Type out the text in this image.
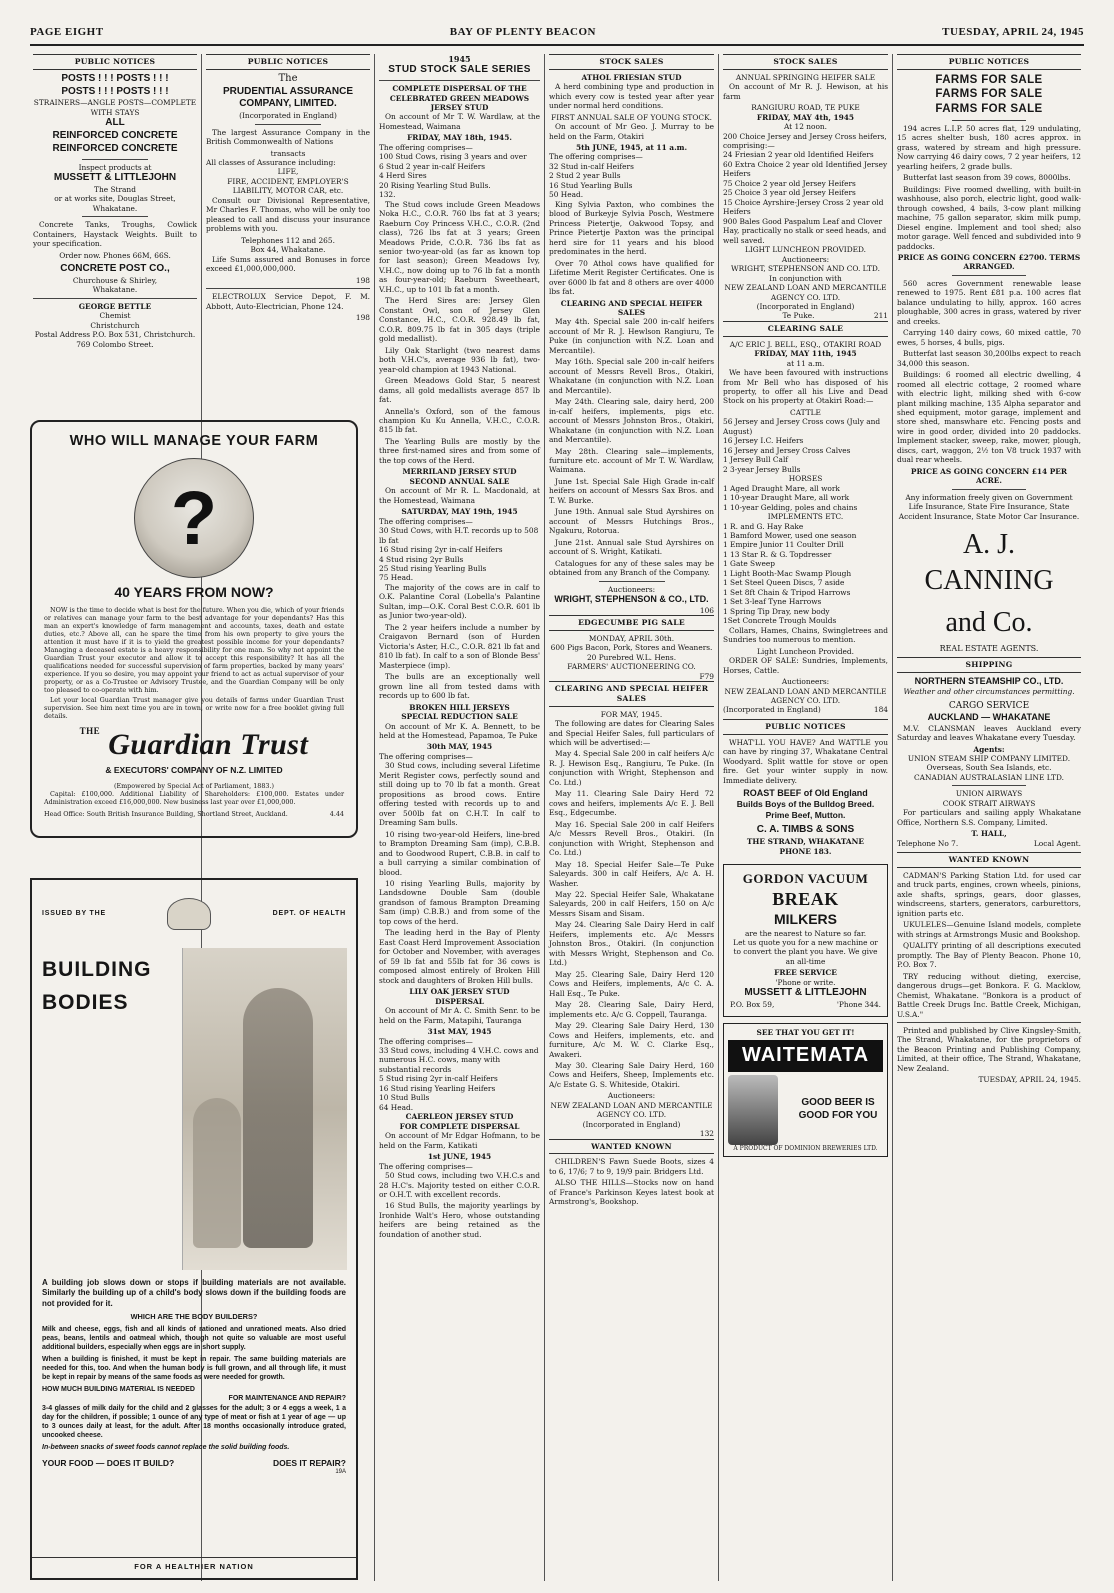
PAGE EIGHT	BAY OF PLENTY BEACON	TUESDAY, APRIL 24, 1945
PUBLIC NOTICES
POSTS ! ! ! POSTS ! ! !
POSTS ! ! ! POSTS ! ! !
STRAINERS—ANGLE POSTS—COMPLETE WITH STAYS
ALL
REINFORCED CONCRETE
REINFORCED CONCRETE
Inspect products at
MUSSETT & LITTLEJOHN
The Strand
or at works site, Douglas Street, Whakatane.

Concrete Tanks, Troughs, Cowlick Containers, Haystack Weights. Built to your specification.

Order now. Phones 66M, 66S.
CONCRETE POST CO.,
Churchouse & Shirley,
Whakatane.
GEORGE BETTLE
Chemist
Christchurch
Postal Address P.O. Box 531, Christchurch.
769 Colombo Street.
PUBLIC NOTICES
The
PRUDENTIAL ASSURANCE COMPANY, LIMITED.
(Incorporated in England)

The largest Assurance Company in the British Commonwealth of Nations

transacts
All classes of Assurance including:
LIFE,
FIRE, ACCIDENT, EMPLOYER'S LIABILITY, MOTOR CAR, etc.

Consult our Divisional Representative, Mr Charles F. Thomas, who will be only too pleased to call and discuss your insurance problems with you.

Telephones 112 and 265.
Box 44, Whakatane.

Life Sums assured and Bonuses in force exceed £1,000,000,000.

198

ELECTROLUX Service Depot, F. M. Abbott, Auto-Electrician, Phone 124.

198
WHO WILL MANAGE YOUR FARM
?
40 YEARS FROM NOW?

NOW is the time to decide what is best for the future. When you die, which of your friends or relatives can manage your farm to the best advantage for your dependants? Has this man an expert's knowledge of farm management and accounts, taxes, death and estate duties, etc.? Above all, can he spare the time from his own property to give yours the attention it must have if it is to yield the greatest possible income for your dependants? Managing a deceased estate is a heavy responsibility for one man. So why not appoint the Guardian Trust your executor and allow it to accept this responsibility? It has all the qualifications needed for successful supervision of farm properties, backed by many years' experience. If you so desire, you may appoint your friend to act as actual supervisor of your property, or as a Co-Trustee or Advisory Trustee, and the Guardian Company will be only too pleased to co-operate with him.

Let your local Guardian Trust manager give you details of farms under Guardian Trust supervision. See him next time you are in town, or write now for a free booklet giving full details.

$^{THE}$ Guardian Trust
& EXECUTORS' COMPANY OF N.Z. LIMITED
(Empowered by Special Act of Parliament, 1883.)

Capital: £100,000. Additional Liability of Shareholders: £100,000. Estates under Administration exceed £16,000,000. New business last year over £1,000,000.

Head Office: South British Insurance Building, Shortland Street, Auckland.	4.44
ISSUED BY THE	DEPT. OF HEALTH
BUILDING
BODIES

A building job slows down or stops if building materials are not available. Similarly the building up of a child's body slows down if the building foods are not provided for it.

WHICH ARE THE BODY BUILDERS?

Milk and cheese, eggs, fish and all kinds of rationed and unrationed meats. Also dried peas, beans, lentils and oatmeal which, though not quite so valuable are most useful additional builders, especially when eggs are in short supply.

When a building is finished, it must be kept in repair. The same building materials are needed for this, too. And when the human body is full grown, and all through life, it must be kept in repair by means of the same foods as were needed for growth.

HOW MUCH BUILDING MATERIAL IS NEEDED
FOR MAINTENANCE AND REPAIR?

3-4 glasses of milk daily for the child and 2 glasses for the adult; 3 or 4 eggs a week, 1 a day for the children, if possible; 1 ounce of any type of meat or fish at 1 year of age — up to 3 ounces daily at least, for the adult. After 18 months occasionally introduce grated, uncooked cheese.

In-between snacks of sweet foods cannot replace the solid building foods.

YOUR FOOD — DOES IT BUILD?	DOES IT REPAIR?
19A
FOR A HEALTHIER NATION
1945
STUD STOCK SALE SERIES
COMPLETE DISPERSAL OF THE CELEBRATED GREEN MEADOWS JERSEY STUD

On account of Mr T. W. Wardlaw, at the Homestead, Waimana

FRIDAY, MAY 18th, 1945.
The offering comprises—
100 Stud Cows, rising 3 years and over
6 Stud 2 year in-calf Heifers
4 Herd Sires
20 Rising Yearling Stud Bulls.
132.

The Stud cows include Green Meadows Noka H.C., C.O.R. 760 lbs fat at 3 years; Raeburn Coy Princess V.H.C., C.O.R. (2nd class), 726 lbs fat at 3 years; Green Meadows Pride, C.O.R. 736 lbs fat as senior two-year-old (as far as known top for last season); Green Meadows Ivy, V.H.C., now doing up to 76 lb fat a month as four-year-old; Raeburn Sweetheart, V.H.C., up to 101 lb fat a month.

The Herd Sires are: Jersey Glen Constant Owl, son of Jersey Glen Constance, H.C., C.O.R. 928.49 lb fat, C.O.R. 809.75 lb fat in 305 days (triple gold medallist).

Lily Oak Starlight (two nearest dams both V.H.C's, average 936 lb fat), two-year-old champion at 1943 National.

Green Meadows Gold Star, 5 nearest dams, all gold medallists average 857 lb fat.

Annella's Oxford, son of the famous champion Ku Ku Annella, V.H.C., C.O.R. 815 lb fat.

The Yearling Bulls are mostly by the three first-named sires and from some of the top cows of the Herd.

MERRILAND JERSEY STUD
SECOND ANNUAL SALE

On account of Mr R. L. Macdonald, at the Homestead, Waimana

SATURDAY, MAY 19th, 1945
The offering comprises—
30 Stud Cows, with H.T. records up to 508 lb fat
16 Stud rising 2yr in-calf Heifers
4 Stud rising 2yr Bulls
25 Stud rising Yearling Bulls
75 Head.

The majority of the cows are in calf to O.K. Palantine Coral (Lobella's Palantine Sultan, imp—O.K. Coral Best C.O.R. 601 lb as Junior two-year-old).

The 2 year heifers include a number by Craigavon Bernard (son of Hurden Victoria's Aster, H.C., C.O.R. 821 lb fat and 810 lb fat). In calf to a son of Blonde Bess' Masterpiece (imp).

The bulls are an exceptionally well grown line all from tested dams with records up to 600 lb fat.

BROKEN HILL JERSEYS
SPECIAL REDUCTION SALE

On account of Mr K. A. Bennett, to be held at the Homestead, Papamoa, Te Puke

30th MAY, 1945
The offering comprises—

30 Stud cows, including several Lifetime Merit Register cows, perfectly sound and still doing up to 70 lb fat a month. Great propositions as brood cows. Entire offering tested with records up to and over 500lb fat on C.H.T. In calf to Dreaming Sam bulls.

10 rising two-year-old Heifers, line-bred to Brampton Dreaming Sam (imp), C.B.B. and to Goodwood Rupert, C.B.B. in calf to a bull carrying a similar combination of blood.

10 rising Yearling Bulls, majority by Landsdowne Double Sam (double grandson of famous Brampton Dreaming Sam (imp) C.B.B.) and from some of the top cows of the herd.

The leading herd in the Bay of Plenty East Coast Herd Improvement Association for October and November, with averages of 59 lb fat and 55lb fat for 36 cows is composed almost entirely of Broken Hill stock and daughters of Broken Hill bulls.

LILY OAK JERSEY STUD
DISPERSAL

On account of Mr A. C. Smith Senr. to be held on the Farm, Matapihi, Tauranga

31st MAY, 1945
The offering comprises—
33 Stud cows, including 4 V.H.C. cows and numerous H.C. cows, many with substantial records
5 Stud rising 2yr in-calf Heifers
16 Stud rising Yearling Heifers
10 Stud Bulls
64 Head.
CAERLEON JERSEY STUD
FOR COMPLETE DISPERSAL

On account of Mr Edgar Hofmann, to be held on the Farm, Katikati

1st JUNE, 1945
The offering comprises—

50 Stud cows, including two V.H.C.s and 28 H.C's. Majority tested on either C.O.R. or O.H.T. with excellent records.

16 Stud Bulls, the majority yearlings by Ironhide Walt's Hero, whose outstanding heifers are being retained as the foundation of another stud.

STOCK SALES
ATHOL FRIESIAN STUD

A herd combining type and production in which every cow is tested year after year under normal herd conditions.

FIRST ANNUAL SALE OF YOUNG STOCK.

On account of Mr Geo. J. Murray to be held on the Farm, Otakiri

5th JUNE, 1945, at 11 a.m.
The offering comprises—
32 Stud in-calf Heifers
2 Stud 2 year Bulls
16 Stud Yearling Bulls
50 Head.

King Sylvia Paxton, who combines the blood of Burkeyje Sylvia Posch, Westmere Princess Pietertje, Oakwood Topsy, and Prince Pietertje Paxton was the principal herd sire for 11 years and his blood predominates in the herd.

Over 70 Athol cows have qualified for Lifetime Merit Register Certificates. One is over 6000 lb fat and 8 others are over 4000 lbs fat.

CLEARING AND SPECIAL HEIFER SALES

May 4th. Special sale 200 in-calf heifers account of Mr R. J. Hewlson Rangiuru, Te Puke (in conjunction with N.Z. Loan and Mercantile).

May 16th. Special sale 200 in-calf heifers account of Messrs Revell Bros., Otakiri, Whakatane (in conjunction with N.Z. Loan and Mercantile).

May 24th. Clearing sale, dairy herd, 200 in-calf heifers, implements, pigs etc. account of Messrs Johnston Bros., Otakiri, Whakatane (in conjunction with N.Z. Loan and Mercantile).

May 28th. Clearing sale—implements, furniture etc. account of Mr T. W. Wardlaw, Waimana.

June 1st. Special Sale High Grade in-calf heifers on account of Messrs Sax Bros. and T. W. Burke.

June 19th. Annual sale Stud Ayrshires on account of Messrs Hutchings Bros., Ngakuru, Rotorua.

June 21st. Annual sale Stud Ayrshires on account of S. Wright, Katikati.

Catalogues for any of these sales may be obtained from any Branch of the Company.

Auctioneers:
WRIGHT, STEPHENSON & CO., LTD.
106
EDGECUMBE PIG SALE
MONDAY, APRIL 30th.
600 Pigs Bacon, Pork, Stores and Weaners.
20 Purebred W.L. Hens.
FARMERS' AUCTIONEERING CO.
F79
CLEARING AND SPECIAL HEIFER SALES
FOR MAY, 1945.

The following are dates for Clearing Sales and Special Heifer Sales, full particulars of which will be advertised:—

May 4. Special Sale 200 in calf heifers A/c R. J. Hewison Esq., Rangiuru, Te Puke. (In conjunction with Wright, Stephenson and Co. Ltd.)

May 11. Clearing Sale Dairy Herd 72 cows and heifers, implements A/c E. J. Bell Esq., Edgecumbe.

May 16. Special Sale 200 in calf Heifers A/c Messrs Revell Bros., Otakiri. (In conjunction with Wright, Stephenson and Co. Ltd.)

May 18. Special Heifer Sale—Te Puke Saleyards. 300 in calf Heifers, A/c A. H. Washer.

May 22. Special Heifer Sale, Whakatane Saleyards, 200 in calf Heifers, 150 on A/c Messrs Sisam and Sisam.

May 24. Clearing Sale Dairy Herd in calf Heifers, implements etc. A/c Messrs Johnston Bros., Otakiri. (In conjunction with Messrs Wright, Stephenson and Co. Ltd.)

May 25. Clearing Sale, Dairy Herd 120 Cows and Heifers, implements, A/c C. A. Hall Esq., Te Puke.

May 28. Clearing Sale, Dairy Herd, implements etc. A/c G. Coppell, Tauranga.

May 29. Clearing Sale Dairy Herd, 130 Cows and Heifers, implements, etc. and furniture, A/c M. W. C. Clarke Esq., Awakeri.

May 30. Clearing Sale Dairy Herd, 160 Cows and Heifers, Sheep, Implements etc. A/c Estate G. S. Whiteside, Otakiri.

Auctioneers:
NEW ZEALAND LOAN AND MERCANTILE AGENCY CO. LTD.
(Incorporated in England)
132
WANTED KNOWN

CHILDREN'S Fawn Suede Boots, sizes 4 to 6, 17/6; 7 to 9, 19/9 pair. Bridgers Ltd.

ALSO THE HILLS—Stocks now on hand of France's Parkinson Keyes latest book at Armstrong's, Bookshop.

STOCK SALES
ANNUAL SPRINGING HEIFER SALE

On account of Mr R. J. Hewison, at his farm

RANGIURU ROAD, TE PUKE
FRIDAY, MAY 4th, 1945
At 12 noon.
200 Choice Jersey and Jersey Cross heifers, comprising:—
24 Friesian 2 year old Identified Heifers
60 Extra Choice 2 year old Identified Jersey Heifers
75 Choice 2 year old Jersey Heifers
25 Choice 3 year old Jersey Heifers
15 Choice Ayrshire-Jersey Cross 2 year old Heifers
900 Bales Good Paspalum Leaf and Clover Hay, practically no stalk or seed heads, and well saved.
LIGHT LUNCHEON PROVIDED.
Auctioneers:
WRIGHT, STEPHENSON AND CO. LTD.
In conjunction with
NEW ZEALAND LOAN AND MERCANTILE AGENCY CO. LTD.
(Incorporated in England)
Te Puke.	211
CLEARING SALE
A/C ERIC J. BELL, ESQ., OTAKIRI ROAD
FRIDAY, MAY 11th, 1945
at 11 a.m.

We have been favoured with instructions from Mr Bell who has disposed of his property, to offer all his Live and Dead Stock on his property at Otakiri Road:—

CATTLE
56 Jersey and Jersey Cross cows (July and August)
16 Jersey I.C. Heifers
16 Jersey and Jersey Cross Calves
1 Jersey Bull Calf
2 3-year Jersey Bulls
HORSES
1 Aged Draught Mare, all work
1 10-year Draught Mare, all work
1 10-year Gelding, poles and chains
IMPLEMENTS ETC.
1 R. and G. Hay Rake
1 Bamford Mower, used one season
1 Empire Junior 11 Coulter Drill
1 13 Star R. & G. Topdresser
1 Gate Sweep
1 Light Booth-Mac Swamp Plough
1 Set Steel Queen Discs, 7 aside
1 Set 8ft Chain & Tripod Harrows
1 Set 3-leaf Tyne Harrows
1 Spring Tip Dray, new body
1Set Concrete Trough Moulds

Collars, Hames, Chains, Swingletrees and Sundries too numerous to mention.

Light Luncheon Provided.

ORDER OF SALE: Sundries, Implements, Horses, Cattle.

Auctioneers:
NEW ZEALAND LOAN AND MERCANTILE AGENCY CO. LTD.
(Incorporated in England)	184
PUBLIC NOTICES

WHAT'LL YOU HAVE? And WATTLE you can have by ringing 37, Whakatane Central Woodyard. Split wattle for stove or open fire. Get your winter supply in now. Immediate delivery.

ROAST BEEF of Old England
Builds Boys of the Bulldog Breed.
Prime Beef, Mutton.
C. A. TIMBS & SONS
THE STRAND, WHAKATANE
PHONE 183.
GORDON VACUUM
BREAK
MILKERS
are the nearest to Nature so far.

Let us quote you for a new machine or to convert the plant you have. We give an all-time

FREE SERVICE
'Phone or write.
MUSSETT & LITTLEJOHN
P.O. Box 59,	'Phone 344.
SEE THAT YOU GET IT!
WAITEMATA
GOOD BEER IS GOOD FOR YOU
A PRODUCT OF DOMINION BREWERIES LTD.
PUBLIC NOTICES
FARMS FOR SALE
FARMS FOR SALE
FARMS FOR SALE

194 acres L.I.P. 50 acres flat, 129 undulating, 15 acres shelter bush, 180 acres approx. in grass, watered by stream and high pressure. Now carrying 46 dairy cows, 7 2 year heifers, 12 yearling heifers, 2 grade bulls.

Butterfat last season from 39 cows, 8000lbs.

Buildings: Five roomed dwelling, with built-in washhouse, also porch, electric light, good walk-through cowshed, 4 bails, 3-cow plant milking machine, 75 gallon separator, skim milk pump, Diesel engine. Implement and tool shed; also motor garage. Well fenced and subdivided into 9 paddocks.

PRICE AS GOING CONCERN £2700. TERMS ARRANGED.

560 acres Government renewable lease renewed to 1975. Rent £81 p.a. 100 acres flat balance undulating to hilly, approx. 160 acres ploughable, 300 acres in grass, watered by river and creeks.

Carrying 140 dairy cows, 60 mixed cattle, 70 ewes, 5 horses, 4 bulls, pigs.

Butterfat last season 30,200lbs expect to reach 34,000 this season.

Buildings: 6 roomed all electric dwelling, 4 roomed all electric cottage, 2 roomed whare with electric light, milking shed with 6-cow plant milking machine, 135 Alpha separator and shed equipment, motor garage, implement and store shed, manswhare etc. Fencing posts and wire in good order, divided into 20 paddocks. Implement stacker, sweep, rake, mower, plough, discs, cart, waggon, 2½ ton V8 truck 1937 with dual rear wheels.

PRICE AS GOING CONCERN £14 PER ACRE.

Any information freely given on Government Life Insurance, State Fire Insurance, State Accident Insurance, State Motor Car Insurance.

A. J. CANNING
and Co.
REAL ESTATE AGENTS.
SHIPPING
NORTHERN STEAMSHIP CO., LTD.
Weather and other circumstances permitting.
CARGO SERVICE
AUCKLAND — WHAKATANE

M.V. CLANSMAN leaves Auckland every Saturday and leaves Whakatane every Tuesday.

Agents:
UNION STEAM SHIP COMPANY LIMITED.
Overseas, South Sea Islands, etc.
CANADIAN AUSTRALASIAN LINE LTD.
UNION AIRWAYS
COOK STRAIT AIRWAYS

For particulars and sailing apply Whakatane Office, Northern S.S. Company, Limited.

T. HALL,
Telephone No 7.	Local Agent.
WANTED KNOWN

CADMAN'S Parking Station Ltd. for used car and truck parts, engines, crown wheels, pinions, axle shafts, springs, gears, door glasses, windscreens, starters, generators, carburettors, ignition parts etc.

UKULELES—Genuine Island models, complete with strings at Armstrongs Music and Bookshop.

QUALITY printing of all descriptions executed promptly. The Bay of Plenty Beacon. Phone 10, P.O. Box 7.

TRY reducing without dieting, exercise, dangerous drugs—get Bonkora. F. G. Macklow, Chemist, Whakatane. "Bonkora is a product of Battle Creek Drugs Inc. Battle Creek, Michigan, U.S.A."

Printed and published by Clive Kingsley-Smith, The Strand, Whakatane, for the proprietors of the Beacon Printing and Publishing Company, Limited, at their office, The Strand, Whakatane, New Zealand.

TUESDAY, APRIL 24, 1945.
